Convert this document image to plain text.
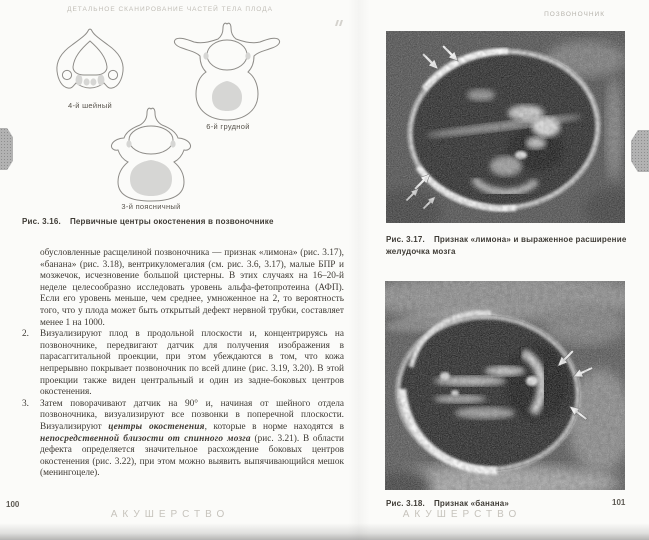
ДЕТАЛЬНОЕ СКАНИРОВАНИЕ ЧАСТЕЙ ТЕЛА ПЛОДА
4-й шейный
6-й грудной
3-й поясничный
Рис. 3.16. Первичные центры окостенения в позвоночнике
обусловленные расщелиной позвоночника — признак «лимона» (рис. 3.17), «банана» (рис. 3.18), вентрикуломегалия (см. рис. 3.6, 3.17), малые БПР и мозжечок, исчезновение большой цистерны. В этих случаях на 16–20-й неделе целесообразно исследовать уровень альфа-фетопротеина (АФП). Если его уровень меньше, чем среднее, умноженное на 2, то вероятность того, что у плода может быть открытый дефект нервной трубки, составляет менее 1 на 1000.
2. Визуализируют плод в продольной плоскости и, концентрируясь на позвоночнике, передвигают датчик для получения изображения в парасаггитальной проекции, при этом убеждаются в том, что кожа непрерывно покрывает позвоночник по всей длине (рис. 3.19, 3.20). В этой проекции также виден центральный и один из задне-боковых центров окостенения.
3. Затем поворачивают датчик на 90° и, начиная от шейного отдела позвоночника, визуализируют все позвонки в поперечной плоскости. Визуализируют центры окостенения, которые в норме находятся в непосредственной близости от спинного мозга (рис. 3.21). В области дефекта определяется значительное расхождение боковых центров окостенения (рис. 3.22), при этом можно выявить выпячивающийся мешок (менингоцеле).
100
АКУШЕРСТВО
ПОЗВОНОЧНИК
Рис. 3.17. Признак «лимона» и выраженное расширение желудочка мозга
Рис. 3.18. Признак «банана»	101
АКУШЕРСТВО
